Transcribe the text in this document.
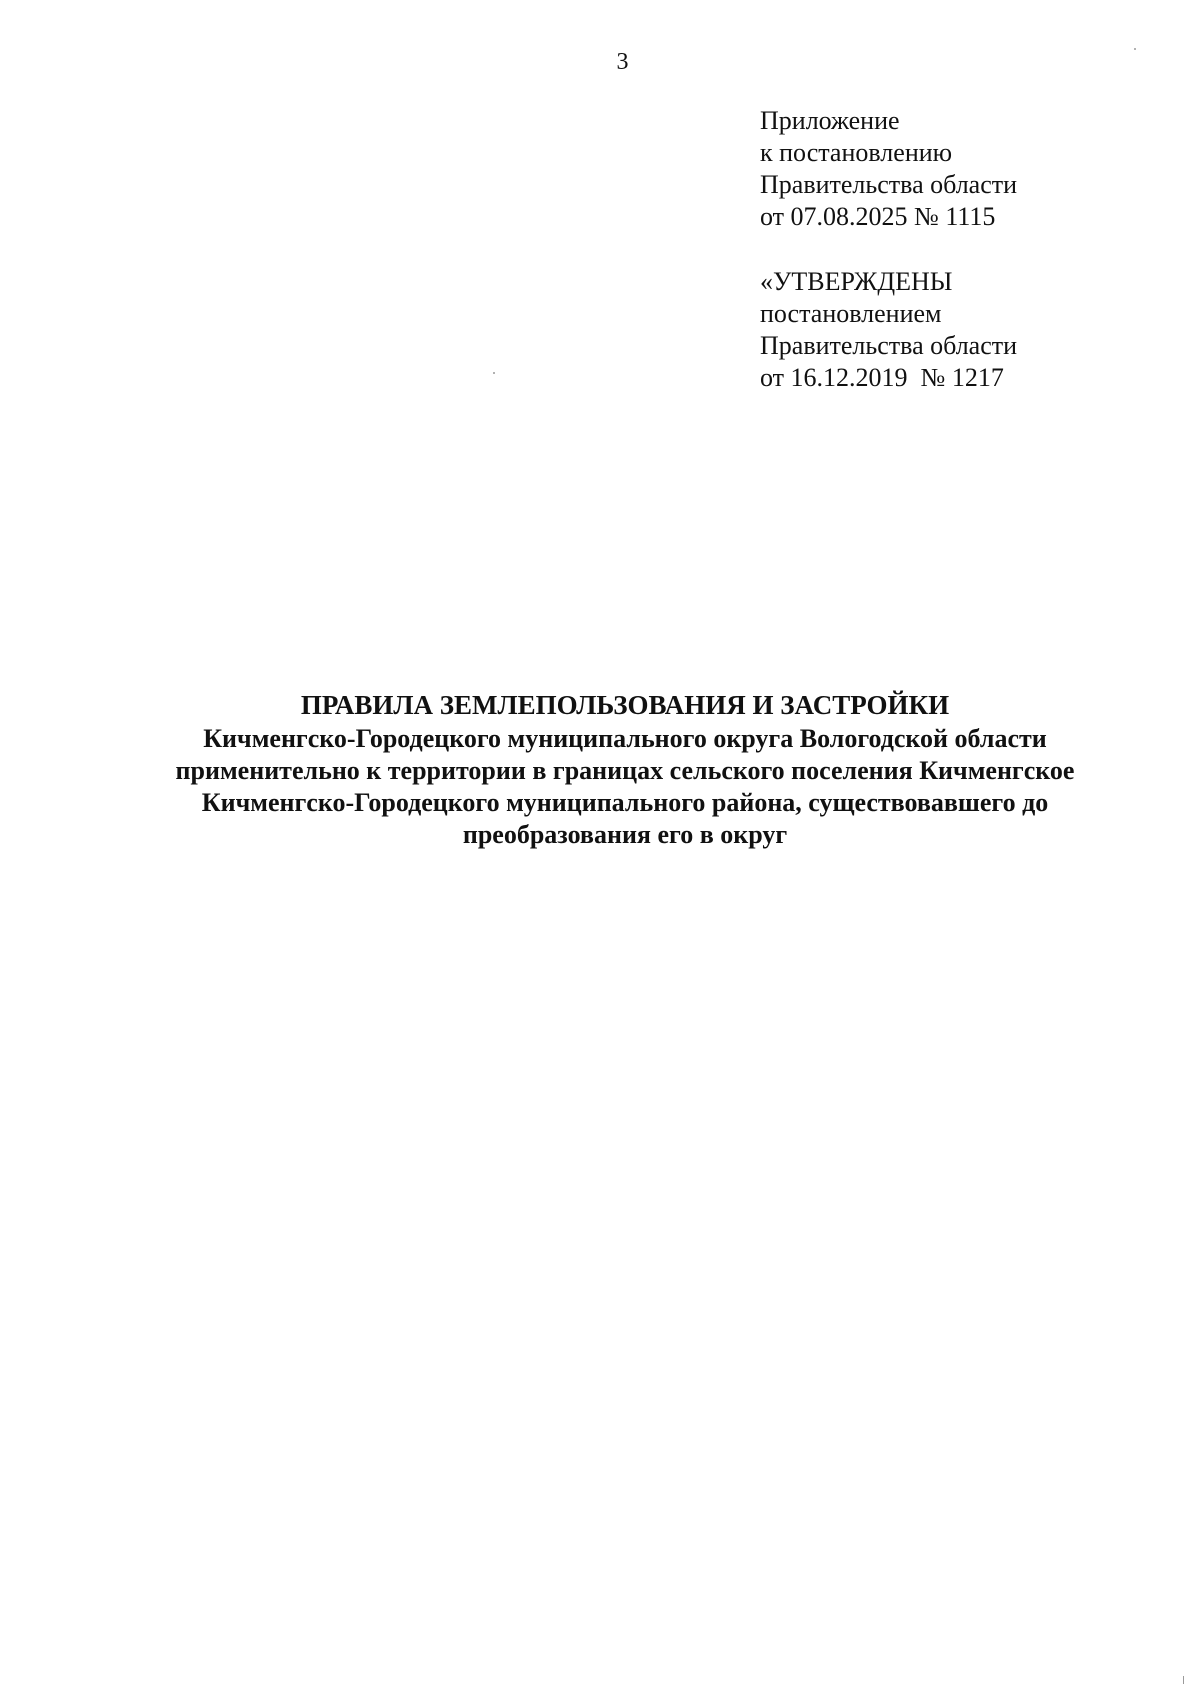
3
Приложение
к постановлению
Правительства области
от 07.08.2025 № 1115
«УТВЕРЖДЕНЫ
постановлением
Правительства области
от 16.12.2019  № 1217
ПРАВИЛА ЗЕМЛЕПОЛЬЗОВАНИЯ И ЗАСТРОЙКИ
Кичменгско-Городецкого муниципального округа Вологодской области
применительно к территории в границах сельского поселения Кичменгское
Кичменгско-Городецкого муниципального района, существовавшего до
преобразования его в округ
